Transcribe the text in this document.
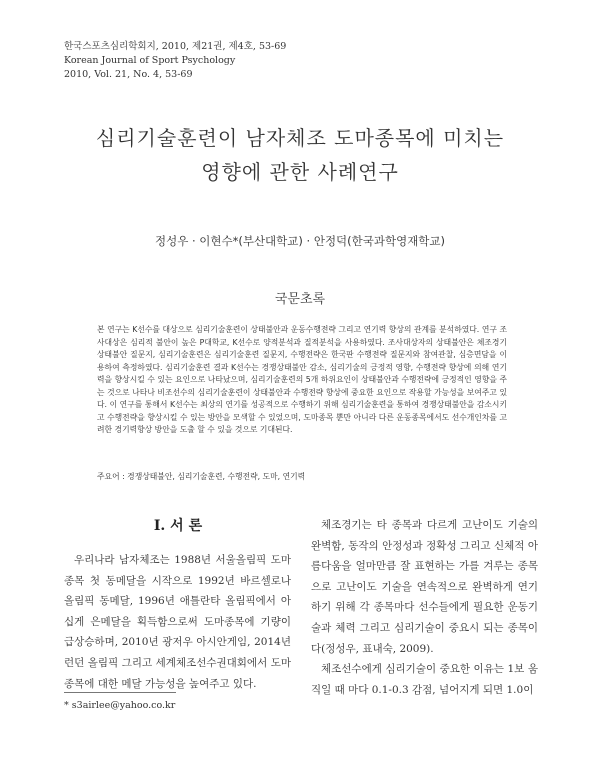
한국스포츠심리학회지, 2010, 제21권, 제4호, 53-69
Korean Journal of Sport Psychology
2010, Vol. 21, No. 4, 53-69
심리기술훈련이 남자체조 도마종목에 미치는
영향에 관한 사례연구
정성우 · 이현수*(부산대학교) · 안정덕(한국과학영재학교)
국문초록

본 연구는 K선수를 대상으로 심리기술훈련이 상태불안과 운동수행전략 그리고 연기력 향상의 관계를 분석하였다. 연구 조사대상은 심리적 불안이 높은 P대학교, K선수로 양적분석과 질적분석을 사용하였다. 조사대상자의 상태불안은 체조경기 상태불안 질문지, 심리기술훈련은 심리기술훈련 질문지, 수행전략은 한국판 수행전략 질문지와 참여관찰, 심층면담을 이용하여 측정하였다. 심리기술훈련 결과 K선수는 경쟁상태불안 감소, 심리기술의 긍정적 영향, 수행전략 향상에 의해 연기력을 향상시킬 수 있는 요인으로 나타났으며, 심리기술훈련의 5개 하위요인이 상태불안과 수행전략에 긍정적인 영향을 주는 것으로 나타나 비조선수의 심리기술훈련이 상태불안과 수행전략 향상에 중요한 요인으로 작용할 가능성을 보여주고 있다. 이 연구를 통해서 K선수는 최상의 연기를 성공적으로 수행하기 위해 심리기술훈련을 통하여 경쟁상태불안을 감소시키고 수행전략을 향상시킬 수 있는 방안을 모색할 수 있었으며, 도마종목 뿐만 아니라 다른 운동종목에서도 선수개인차를 고려한 경기력향상 방안을 도출 할 수 있을 것으로 기대된다.

주요어 : 경쟁상태불안, 심리기술훈련, 수행전략, 도마, 연기력
I. 서 론

우리나라 남자체조는 1988년 서울올림픽 도마종목 첫 동메달을 시작으로 1992년 바르셀로나 올림픽 동메달, 1996년 애틀란타 올림픽에서 아십게 은메달을 획득함으로써 도마종목에 기량이 급상승하며, 2010년 광저우 아시안게임, 2014년 런던 올림픽 그리고 세계체조선수권대회에서 도마종목에 대한 메달 가능성을 높여주고 있다.

체조경기는 타 종목과 다르게 고난이도 기술의 완벽함, 동작의 안정성과 정확성 그리고 신체적 아름다움을 얼마만큼 잘 표현하는 가를 겨루는 종목으로 고난이도 기술을 연속적으로 완벽하게 연기하기 위해 각 종목마다 선수들에게 필요한 운동기술과 체력 그리고 심리기술이 중요시 되는 종목이다(정성우, 표내숙, 2009).

체조선수에게 심리기술이 중요한 이유는 1보 움직일 때 마다 0.1-0.3 감점, 넘어지게 되면 1.0이

* s3airlee@yahoo.co.kr
